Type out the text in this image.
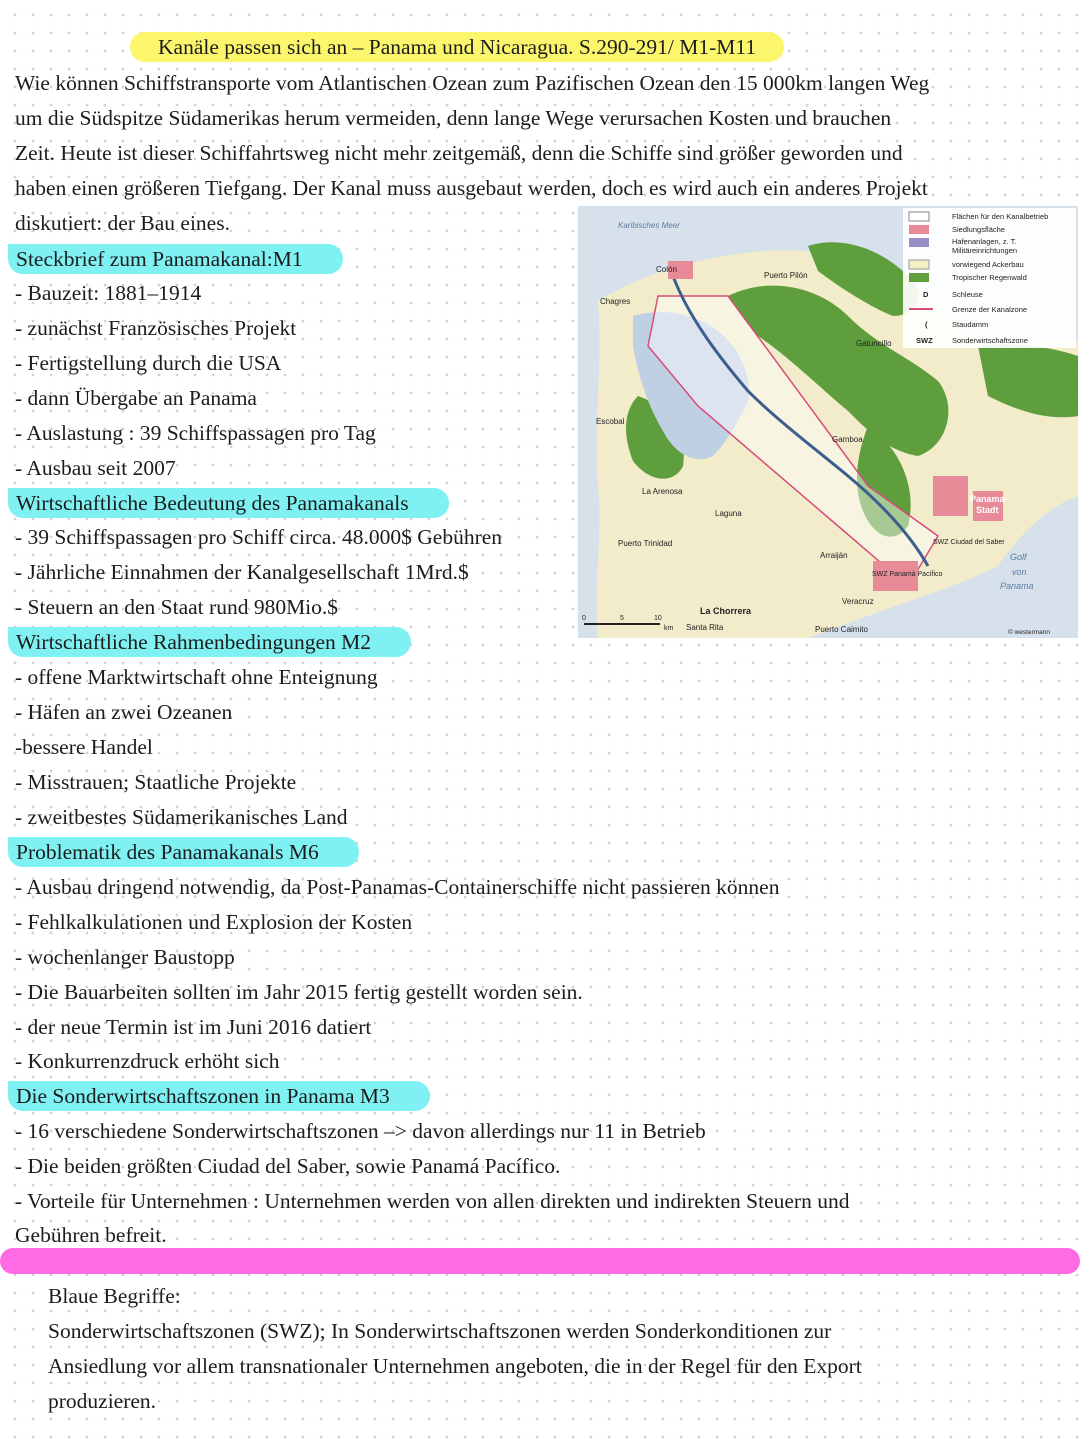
Kanäle passen sich an – Panama und Nicaragua. S.290-291/ M1-M11
Wie können Schiffstransporte vom Atlantischen Ozean zum Pazifischen Ozean den 15 000km langen Weg
um die Südspitze Südamerikas herum vermeiden, denn lange Wege verursachen Kosten und brauchen
Zeit. Heute ist dieser Schiffahrtsweg nicht mehr zeitgemäß, denn die Schiffe sind größer geworden und
haben einen größeren Tiefgang. Der Kanal muss ausgebaut werden, doch es wird auch ein anderes Projekt
diskutiert: der Bau eines.
Steckbrief zum Panamakanal:M1
- Bauzeit: 1881–1914
- zunächst Französisches Projekt
- Fertigstellung durch die USA
- dann Übergabe an Panama
- Auslastung : 39 Schiffspassagen pro Tag
- Ausbau seit 2007
Wirtschaftliche Bedeutung des Panamakanals
- 39 Schiffspassagen pro Schiff circa. 48.000$ Gebühren
- Jährliche Einnahmen der Kanalgesellschaft 1Mrd.$
- Steuern an den Staat rund 980Mio.$
Wirtschaftliche Rahmenbedingungen M2
- offene Marktwirtschaft ohne Enteignung
- Häfen an zwei Ozeanen
-bessere Handel
- Misstrauen; Staatliche Projekte
- zweitbestes Südamerikanisches Land
Problematik des Panamakanals M6
- Ausbau dringend notwendig, da Post-Panamas-Containerschiffe nicht passieren können
- Fehlkalkulationen und Explosion der Kosten
- wochenlanger Baustopp
- Die Bauarbeiten sollten im Jahr 2015 fertig gestellt worden sein.
- der neue Termin ist im Juni 2016 datiert
- Konkurrenzdruck erhöht sich
Die Sonderwirtschaftszonen in Panama M3
- 16 verschiedene Sonderwirtschaftszonen –> davon allerdings nur 11 in Betrieb
- Die beiden größten Ciudad del Saber, sowie Panamá Pacífico.
- Vorteile für Unternehmen : Unternehmen werden von allen direkten und indirekten Steuern und
Gebühren befreit.
Blaue Begriffe:
Sonderwirtschaftszonen (SWZ); In Sonderwirtschaftszonen werden Sonderkonditionen zur
Ansiedlung vor allem transnationaler Unternehmen angeboten, die in der Regel für den Export
produzieren.
Flächen für den Kanalbetrieb
Siedlungsfläche
Hafenanlagen, z. T.
Militäreinrichtungen
vorwiegend Ackerbau
Tropischer Regenwald
D	Schleuse
Grenze der Kanalzone
(	Staudamm
SWZ	Sonderwirtschaftszone
Karibisches Meer
Colón
Chagres
Puerto Pilón
Escobal
La Arenosa
Puerto Trinidad
Laguna
Gamboa
Gatuncillo
Arraiján
Veracruz
Puerto Caimito
La Chorrera
Santa Rita
SWZ Ciudad del Saber
SWZ Panamá Pacífico
Panama-
Stadt
Golf
von
Panama
0	5	10
km
© westermann
